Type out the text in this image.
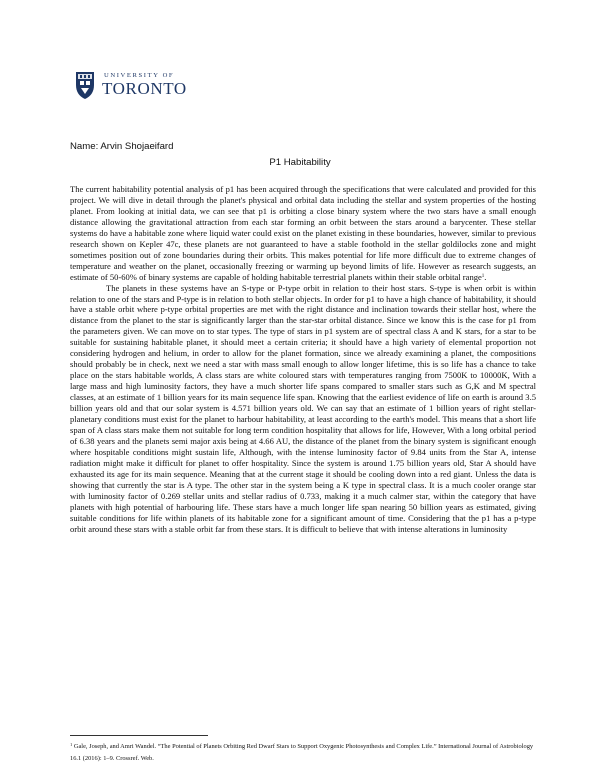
UNIVERSITY OF
TORONTO
Name: Arvin Shojaeifard
P1 Habitability

The current habitability potential analysis of p1 has been acquired through the specifications that were calculated and provided for this project. We will dive in detail through the planet's physical and orbital data including the stellar and system properties of the hosting planet. From looking at initial data, we can see that p1 is orbiting a close binary system where the two stars have a small enough distance allowing the gravitational attraction from each star forming an orbit between the stars around a barycenter. These stellar systems do have a habitable zone where liquid water could exist on the planet existing in these boundaries, however, similar to previous research shown on Kepler 47c, these planets are not guaranteed to have a stable foothold in the stellar goldilocks zone and might sometimes position out of zone boundaries during their orbits. This makes potential for life more difficult due to extreme changes of temperature and weather on the planet, occasionally freezing or warming up beyond limits of life. However as research suggests, an estimate of 50-60% of binary systems are capable of holding habitable terrestrial planets within their stable orbital range$^1$.

The planets in these systems have an S-type or P-type orbit in relation to their host stars. S-type is when orbit is within relation to one of the stars and P-type is in relation to both stellar objects. In order for p1 to have a high chance of habitability, it should have a stable orbit where p-type orbital properties are met with the right distance and inclination towards their stellar host, where the distance from the planet to the star is significantly larger than the star-star orbital distance. Since we know this is the case for p1 from the parameters given. We can move on to star types. The type of stars in p1 system are of spectral class A and K stars, for a star to be suitable for sustaining habitable planet, it should meet a certain criteria; it should have a high variety of elemental proportion not considering hydrogen and helium, in order to allow for the planet formation, since we already examining a planet, the compositions should probably be in check, next we need a star with mass small enough to allow longer lifetime, this is so life has a chance to take place on the stars habitable worlds, A class stars are white coloured stars with temperatures ranging from 7500K to 10000K, With a large mass and high luminosity factors, they have a much shorter life spans compared to smaller stars such as G,K and M spectral classes, at an estimate of 1 billion years for its main sequence life span. Knowing that the earliest evidence of life on earth is around 3.5 billion years old and that our solar system is 4.571 billion years old. We can say that an estimate of 1 billion years of right stellar-planetary conditions must exist for the planet to harbour habitability, at least according to the earth's model. This means that a short life span of A class stars make them not suitable for long term condition hospitality that allows for life, However, With a long orbital period of 6.38 years and the planets semi major axis being at 4.66 AU, the distance of the planet from the binary system is significant enough where hospitable conditions might sustain life, Although, with the intense luminosity factor of 9.84 units from the Star A, intense radiation might make it difficult for planet to offer hospitality. Since the system is around 1.75 billion years old, Star A should have exhausted its age for its main sequence. Meaning that at the current stage it should be cooling down into a red giant. Unless the data is showing that currently the star is A type. The other star in the system being a K type in spectral class. It is a much cooler orange star with luminosity factor of 0.269 stellar units and stellar radius of 0.733, making it a much calmer star, within the category that have planets with high potential of harbouring life. These stars have a much longer life span nearing 50 billion years as estimated, giving suitable conditions for life within planets of its habitable zone for a significant amount of time. Considering that the p1 has a p-type orbit around these stars with a stable orbit far from these stars. It is difficult to believe that with intense alterations in luminosity

$^1$ Gale, Joseph, and Amri Wandel. “The Potential of Planets Orbiting Red Dwarf Stars to Support Oxygenic Photosynthesis and Complex Life.” International Journal of Astrobiology 16.1 (2016): 1–9. Crossref. Web.
